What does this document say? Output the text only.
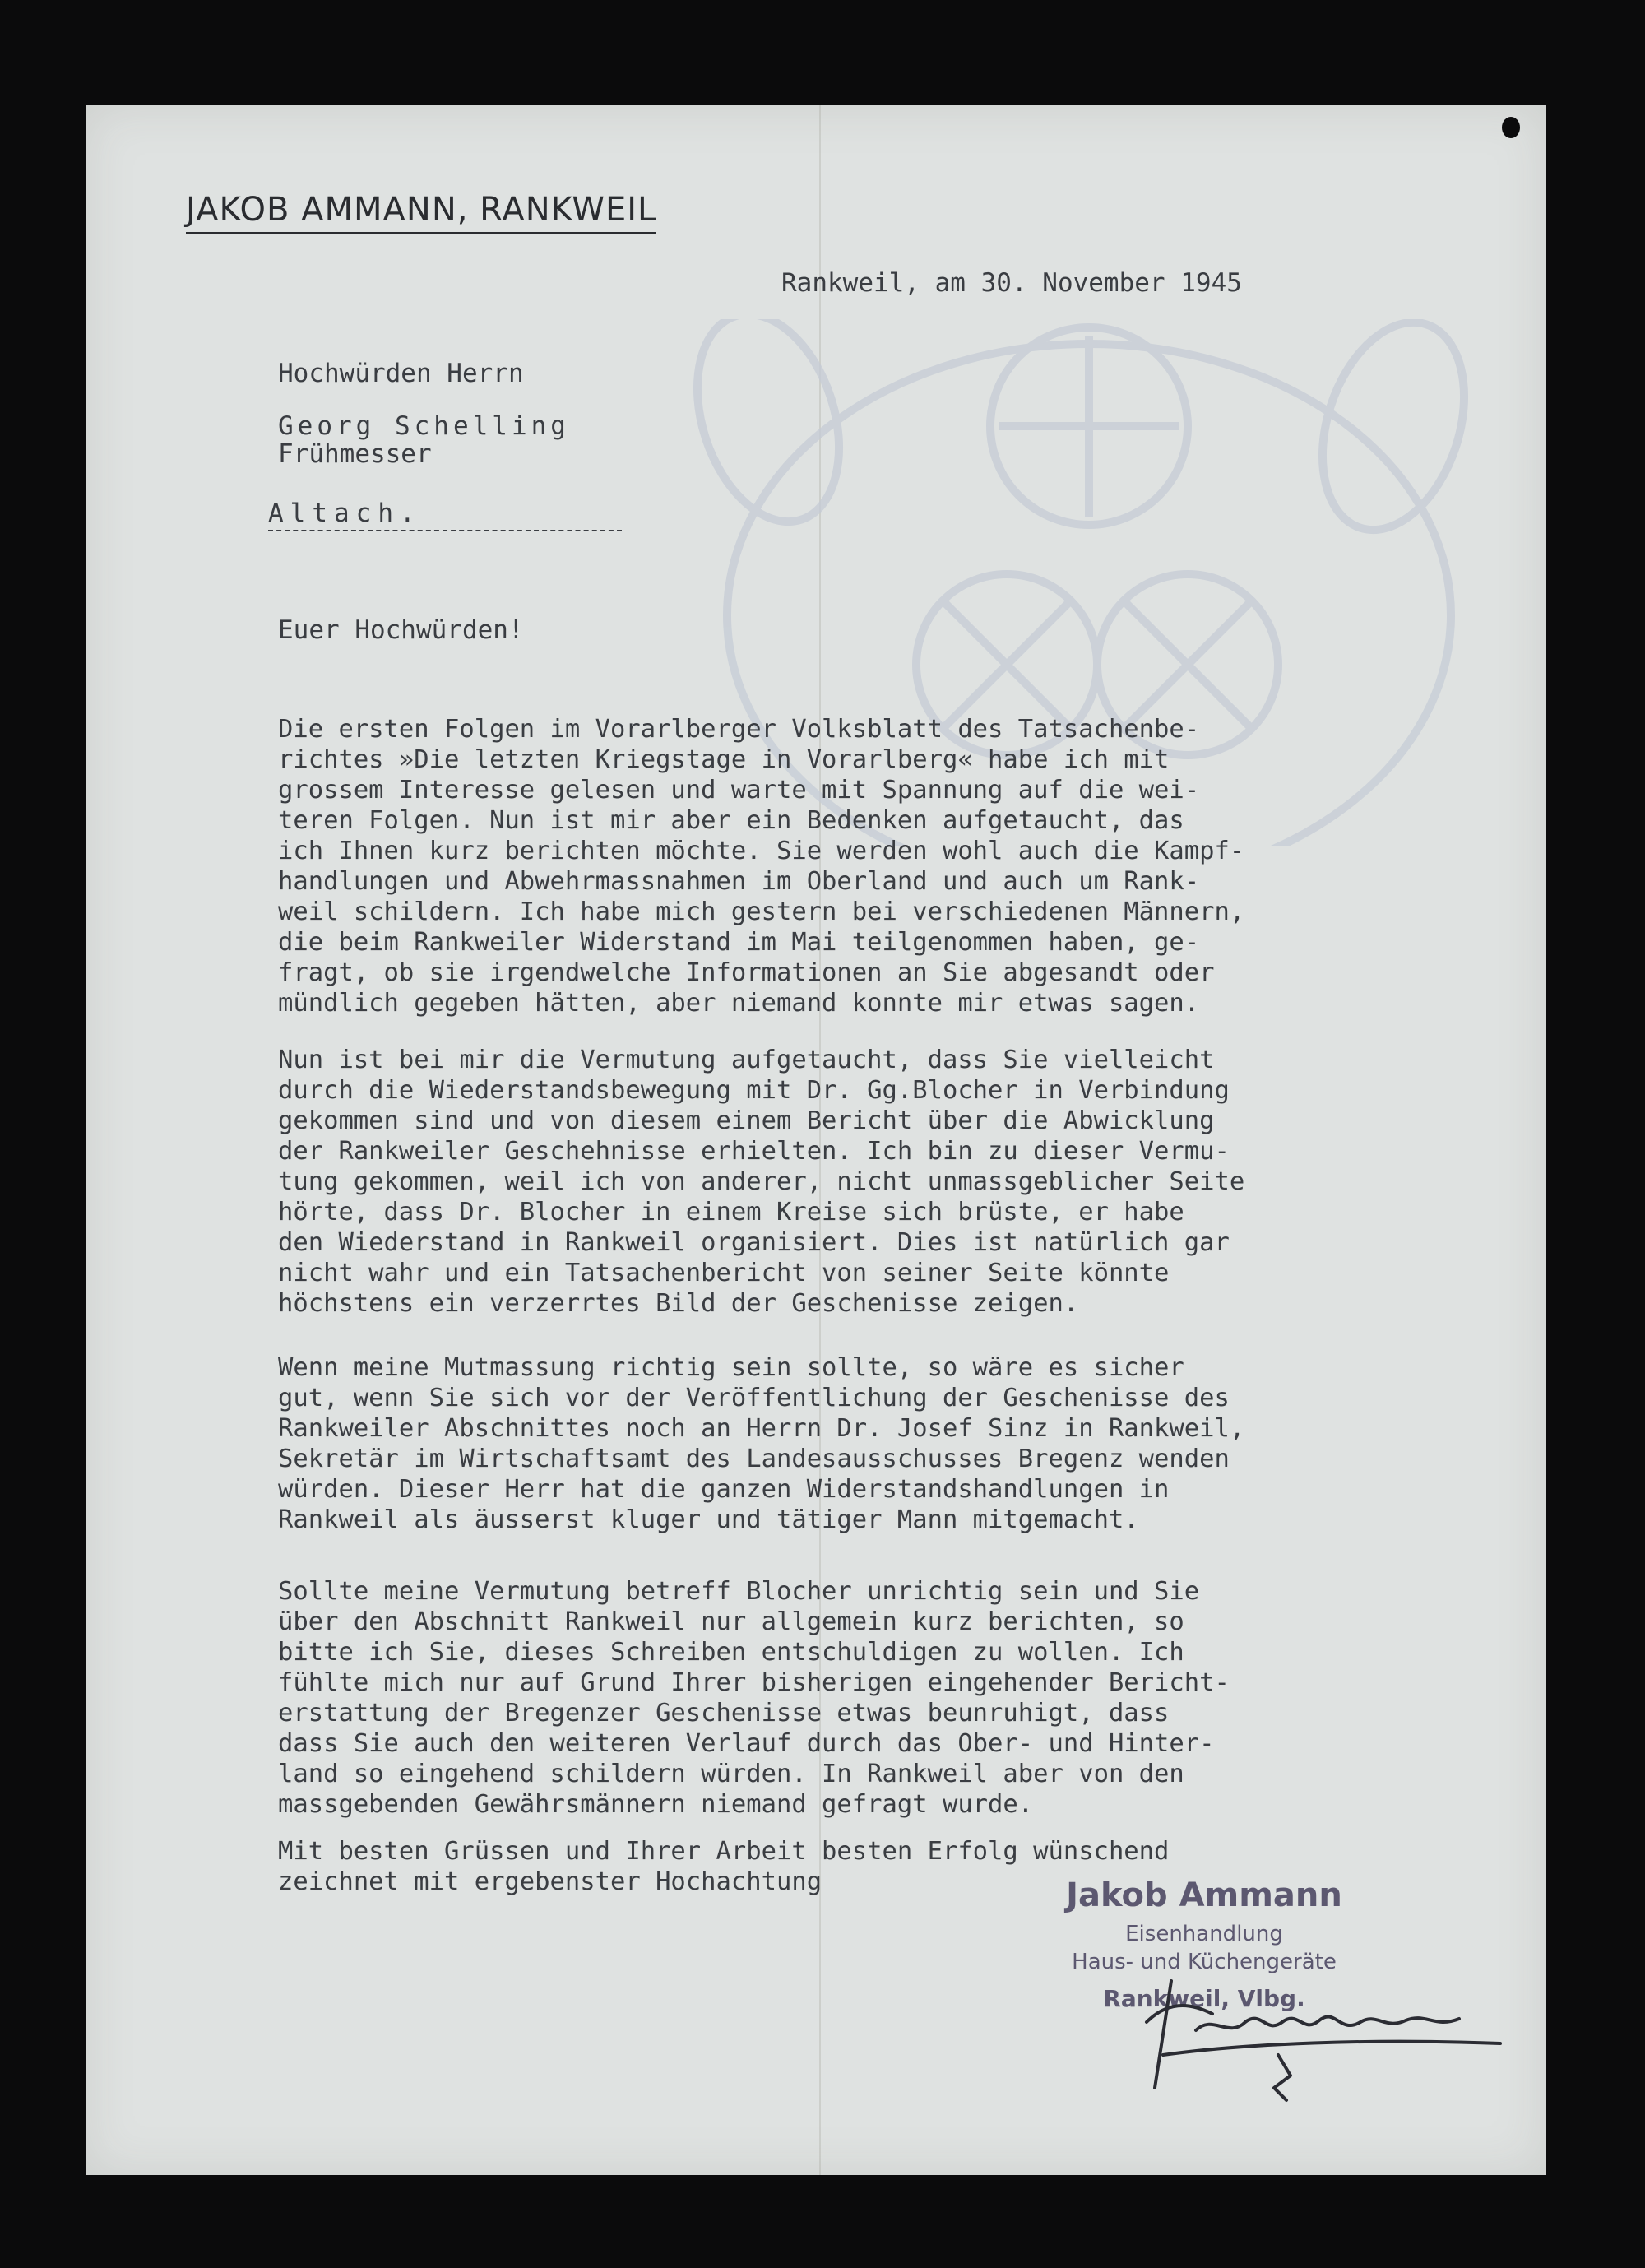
JAKOB AMMANN, RANKWEIL
Rankweil, am 30. November 1945
Hochwürden Herrn
Georg Schelling
Frühmesser
Altach.
Euer Hochwürden!
Die ersten Folgen im Vorarlberger Volksblatt des Tatsachenbe-
richtes »Die letzten Kriegstage in Vorarlberg« habe ich mit
grossem Interesse gelesen und warte mit Spannung auf die wei-
teren Folgen. Nun ist mir aber ein Bedenken aufgetaucht, das
ich Ihnen kurz berichten möchte. Sie werden wohl auch die Kampf-
handlungen und Abwehrmassnahmen im Oberland und auch um Rank-
weil schildern. Ich habe mich gestern bei verschiedenen Männern,
die beim Rankweiler Widerstand im Mai teilgenommen haben, ge-
fragt, ob sie irgendwelche Informationen an Sie abgesandt oder
mündlich gegeben hätten, aber niemand konnte mir etwas sagen.
Nun ist bei mir die Vermutung aufgetaucht, dass Sie vielleicht
durch die Wiederstandsbewegung mit Dr. Gg.Blocher in Verbindung
gekommen sind und von diesem einem Bericht über die Abwicklung
der Rankweiler Geschehnisse erhielten. Ich bin zu dieser Vermu-
tung gekommen, weil ich von anderer, nicht unmassgeblicher Seite
hörte, dass Dr. Blocher in einem Kreise sich brüste, er habe
den Wiederstand in Rankweil organisiert. Dies ist natürlich gar
nicht wahr und ein Tatsachenbericht von seiner Seite könnte
höchstens ein verzerrtes Bild der Geschenisse zeigen.
Wenn meine Mutmassung richtig sein sollte, so wäre es sicher
gut, wenn Sie sich vor der Veröffentlichung der Geschenisse des
Rankweiler Abschnittes noch an Herrn Dr. Josef Sinz in Rankweil,
Sekretär im Wirtschaftsamt des Landesausschusses Bregenz wenden
würden. Dieser Herr hat die ganzen Widerstandshandlungen in
Rankweil als äusserst kluger und tätiger Mann mitgemacht.
Sollte meine Vermutung betreff Blocher unrichtig sein und Sie
über den Abschnitt Rankweil nur allgemein kurz berichten, so
bitte ich Sie, dieses Schreiben entschuldigen zu wollen. Ich
fühlte mich nur auf Grund Ihrer bisherigen eingehender Bericht-
erstattung der Bregenzer Geschenisse etwas beunruhigt, dass
dass Sie auch den weiteren Verlauf durch das Ober- und Hinter-
land so eingehend schildern würden. In Rankweil aber von den
massgebenden Gewährsmännern niemand gefragt wurde.
Mit besten Grüssen und Ihrer Arbeit besten Erfolg wünschend
zeichnet mit ergebenster Hochachtung	Jakob Ammann
Eisenhandlung
Haus- und Küchengeräte
Rankweil, Vlbg.
